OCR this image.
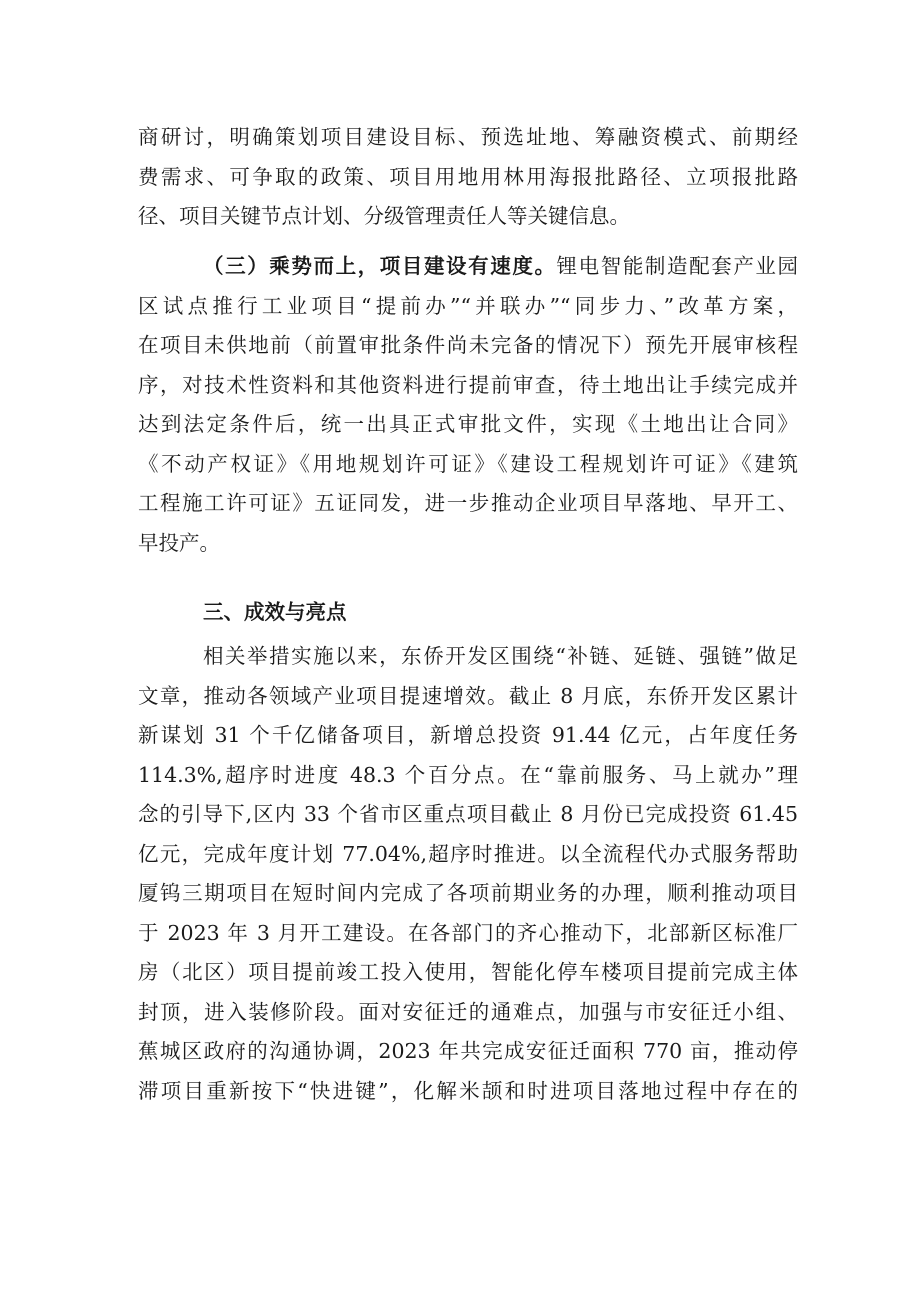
商研讨，明确策划项目建设目标、预选址地、筹融资模式、前期经
费需求、可争取的政策、项目用地用林用海报批路径、立项报批路
径、项目关键节点计划、分级管理责任人等关键信息。
（三）乘势而上，项目建设有速度。锂电智能制造配套产业园
区试点推行工业项目“提前办”“并联办”“同步力、”改革方案，
在项目未供地前（前置审批条件尚未完备的情况下）预先开展审核程
序，对技术性资料和其他资料进行提前审查，待土地出让手续完成并
达到法定条件后，统一出具正式审批文件，实现《土地出让合同》
《不动产权证》《用地规划许可证》《建设工程规划许可证》《建筑
工程施工许可证》五证同发，进一步推动企业项目早落地、早开工、
早投产。
三、成效与亮点
相关举措实施以来，东侨开发区围绕“补链、延链、强链”做足
文章，推动各领域产业项目提速增效。截止 8 月底，东侨开发区累计
新谋划 31 个千亿储备项目，新增总投资 91.44 亿元，占年度任务
114.3%,超序时进度 48.3 个百分点。在“靠前服务、马上就办”理
念的引导下,区内 33 个省市区重点项目截止 8 月份已完成投资 61.45
亿元，完成年度计划 77.04%,超序时推进。以全流程代办式服务帮助
厦钨三期项目在短时间内完成了各项前期业务的办理，顺利推动项目
于 2023 年 3 月开工建设。在各部门的齐心推动下，北部新区标准厂
房（北区）项目提前竣工投入使用，智能化停车楼项目提前完成主体
封顶，进入装修阶段。面对安征迁的通难点，加强与市安征迁小组、
蕉城区政府的沟通协调，2023 年共完成安征迁面积 770 亩，推动停
滞项目重新按下“快进键”，化解米颉和时进项目落地过程中存在的
